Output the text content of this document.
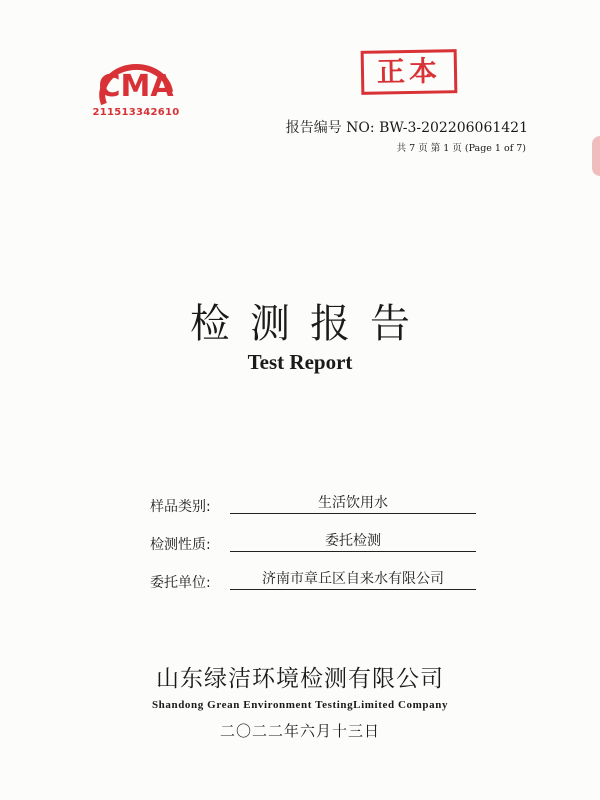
CMA
211513342610
正本
报告编号 NO: BW-3-202206061421
共 7 页 第 1 页 (Page 1 of 7)
检测报告
Test Report
样品类别:	生活饮用水
检测性质:	委托检测
委托单位:	济南市章丘区自来水有限公司
山东绿洁环境检测有限公司
Shandong Grean Environment TestingLimited Company
二〇二二年六月十三日
